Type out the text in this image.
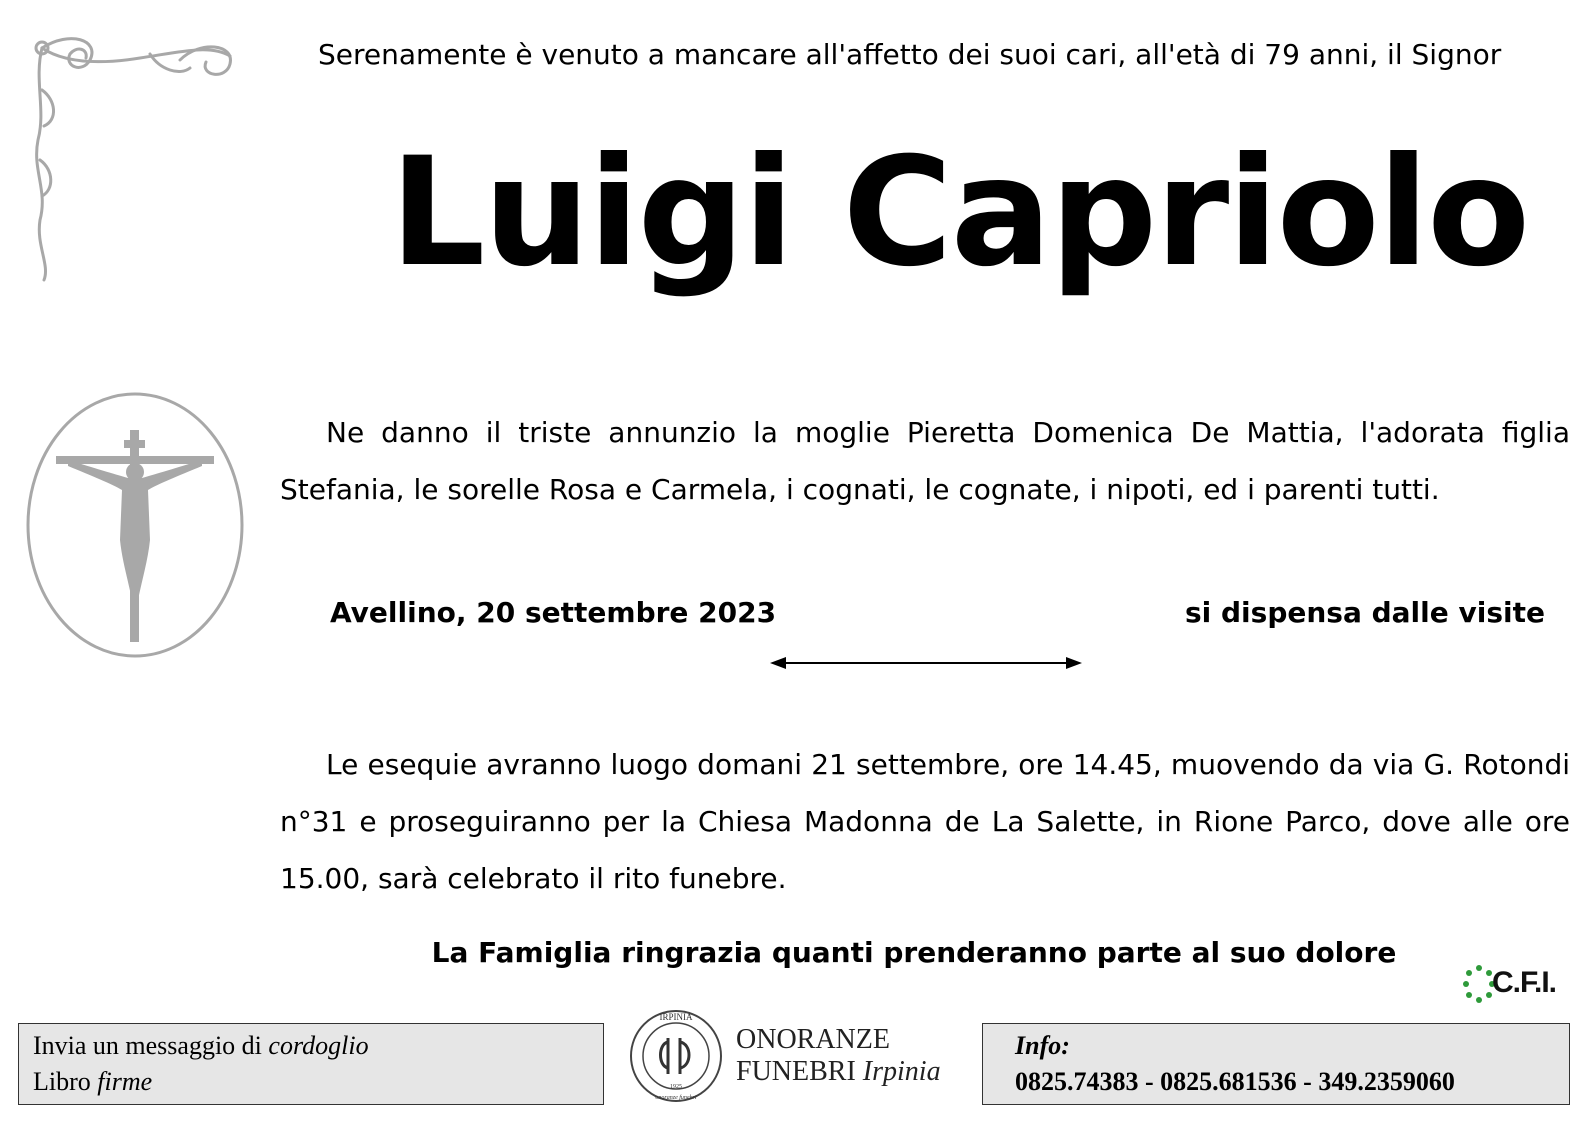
Serenamente è venuto a mancare all'affetto dei suoi cari, all'età di 79 anni, il Signor
Luigi Capriolo
Ne danno il triste annunzio la moglie Pieretta Domenica De Mattia, l'adorata figlia Stefania, le sorelle Rosa e Carmela, i cognati, le cognate, i nipoti, ed i parenti tutti.
Avellino, 20 settembre 2023	si dispensa dalle visite
Le esequie avranno luogo domani 21 settembre, ore 14.45, muovendo da via G. Rotondi n°31 e proseguiranno per la Chiesa Madonna de La Salette, in Rione Parco, dove alle ore 15.00, sarà celebrato il rito funebre.
La Famiglia ringrazia quanti prenderanno parte al suo dolore
C.F.I.
Invia un messaggio di cordoglio
Libro firme
IRPINIA
1925
onoranze funebri
ONORANZE
FUNEBRI Irpinia
Info:
0825.74383 - 0825.681536 - 349.2359060
